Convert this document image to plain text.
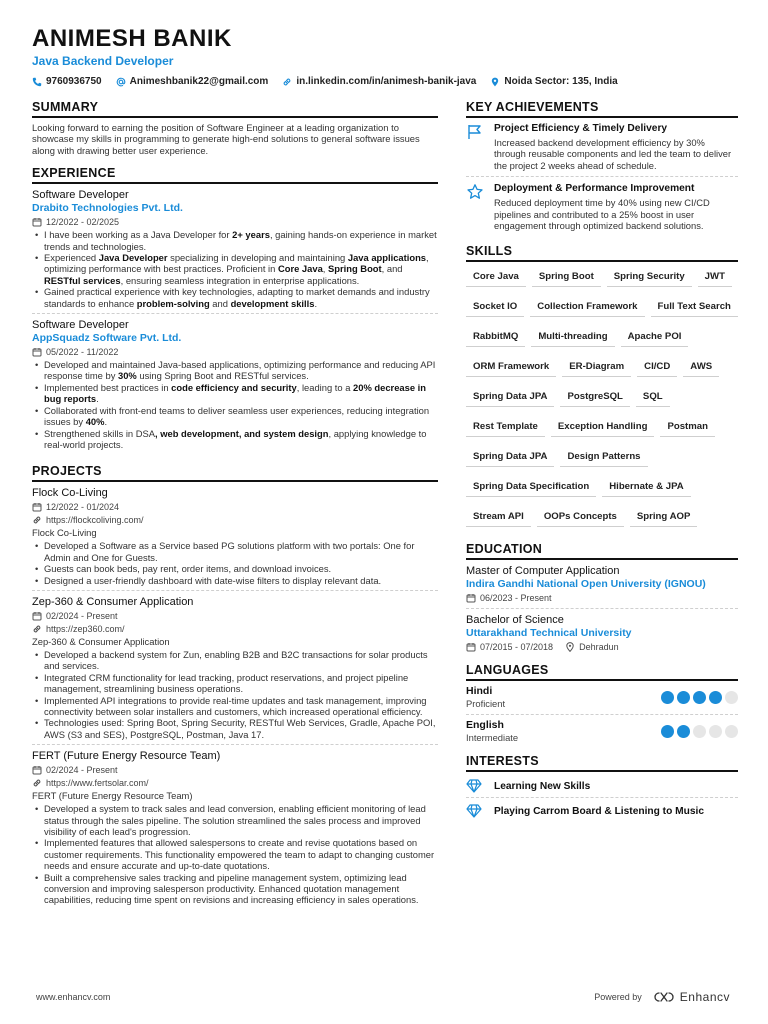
ANIMESH BANIK
Java Backend Developer
9760936750	Animeshbanik22@gmail.com	in.linkedin.com/in/animesh-banik-java	Noida Sector: 135, India
SUMMARY
Looking forward to earning the position of Software Engineer at a leading organization to showcase my skills in programming to generate high-end solutions to general software issues along with drawing better user experience.
EXPERIENCE
Software Developer
Drabito Technologies Pvt. Ltd.
12/2022 - 02/2025
• I have been working as a Java Developer for 2+ years, gaining hands-on experience in market trends and technologies.
• Experienced Java Developer specializing in developing and maintaining Java applications, optimizing performance with best practices. Proficient in Core Java, Spring Boot, and RESTful services, ensuring seamless integration in enterprise applications.
• Gained practical experience with key technologies, adapting to market demands and industry standards to enhance problem-solving and development skills.
Software Developer
AppSquadz Software Pvt. Ltd.
05/2022 - 11/2022
• Developed and maintained Java-based applications, optimizing performance and reducing API response time by 30% using Spring Boot and RESTful services.
• Implemented best practices in code efficiency and security, leading to a 20% decrease in bug reports.
• Collaborated with front-end teams to deliver seamless user experiences, reducing integration issues by 40%.
• Strengthened skills in DSA, web development, and system design, applying knowledge to real-world projects.
PROJECTS
Flock Co-Living
12/2022 - 01/2024
https://flockcoliving.com/
Flock Co-Living
• Developed a Software as a Service based PG solutions platform with two portals: One for Admin and One for Guests.
• Guests can book beds, pay rent, order items, and download invoices.
• Designed a user-friendly dashboard with date-wise filters to display relevant data.
Zep-360 & Consumer Application
02/2024 - Present
https://zep360.com/
Zep-360 & Consumer Application
• Developed a backend system for Zun, enabling B2B and B2C transactions for solar products and services.
• Integrated CRM functionality for lead tracking, product reservations, and project pipeline management, streamlining business operations.
• Implemented API integrations to provide real-time updates and task management, improving connectivity between solar installers and customers, which increased operational efficiency.
• Technologies used: Spring Boot, Spring Security, RESTful Web Services, Gradle, Apache POI, AWS (S3 and SES), PostgreSQL, Postman, Java 17.
FERT (Future Energy Resource Team)
02/2024 - Present
https://www.fertsolar.com/
FERT (Future Energy Resource Team)
• Developed a system to track sales and lead conversion, enabling efficient monitoring of lead status through the sales pipeline. The solution streamlined the sales process and improved visibility of each lead's progression.
• Implemented features that allowed salespersons to create and revise quotations based on customer requirements. This functionality empowered the team to adapt to changing customer needs and ensure accurate and up-to-date quotations.
• Built a comprehensive sales tracking and pipeline management system, optimizing lead conversion and improving salesperson productivity. Enhanced quotation management capabilities, reducing time spent on revisions and increasing efficiency in sales operations.
KEY ACHIEVEMENTS
Project Efficiency & Timely Delivery
Increased backend development efficiency by 30% through reusable components and led the team to deliver the project 2 weeks ahead of schedule.
Deployment & Performance Improvement
Reduced deployment time by 40% using new CI/CD pipelines and contributed to a 25% boost in user engagement through optimized backend solutions.
SKILLS
Core Java	Spring Boot	Spring Security	JWT
Socket IO	Collection Framework	Full Text Search
RabbitMQ	Multi-threading	Apache POI
ORM Framework	ER-Diagram	CI/CD	AWS
Spring Data JPA	PostgreSQL	SQL
Rest Template	Exception Handling	Postman
Spring Data JPA	Design Patterns
Spring Data Specification	Hibernate & JPA
Stream API	OOPs Concepts	Spring AOP
EDUCATION
Master of Computer Application
Indira Gandhi National Open University (IGNOU)
06/2023 - Present
Bachelor of Science
Uttarakhand Technical University
07/2015 - 07/2018	Dehradun
LANGUAGES
Hindi
Proficient
English
Intermediate
INTERESTS
Learning New Skills
Playing Carrom Board & Listening to Music
www.enhancv.com	Powered by	Enhancv
